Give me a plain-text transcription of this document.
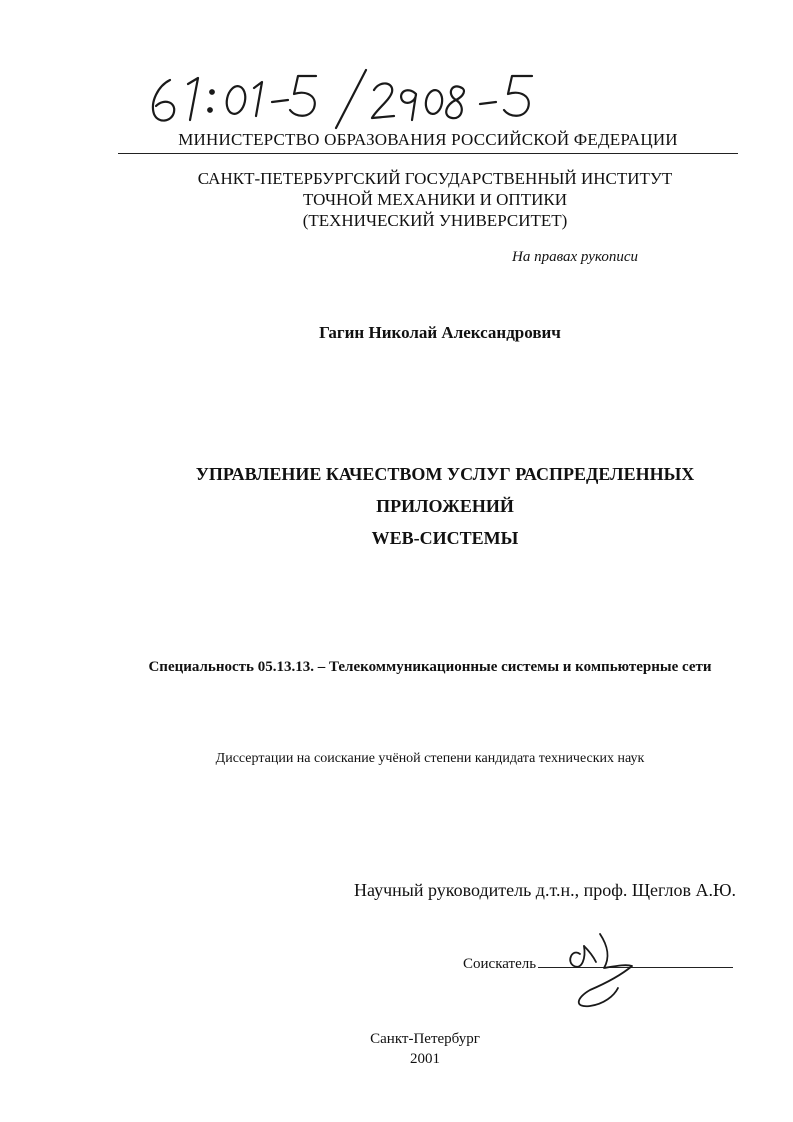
МИНИСТЕРСТВО ОБРАЗОВАНИЯ РОССИЙСКОЙ ФЕДЕРАЦИИ
САНКТ-ПЕТЕРБУРГСКИЙ ГОСУДАРСТВЕННЫЙ ИНСТИТУТ
ТОЧНОЙ МЕХАНИКИ И ОПТИКИ
(ТЕХНИЧЕСКИЙ УНИВЕРСИТЕТ)
На правах рукописи
Гагин Николай Александрович
УПРАВЛЕНИЕ КАЧЕСТВОМ УСЛУГ РАСПРЕДЕЛЕННЫХ
ПРИЛОЖЕНИЙ
WEB-СИСТЕМЫ
Специальность 05.13.13. – Телекоммуникационные системы и компьютерные сети
Диссертации на соискание учёной степени кандидата технических наук
Научный руководитель д.т.н., проф. Щеглов А.Ю.
Соискатель
Санкт-Петербург
2001
